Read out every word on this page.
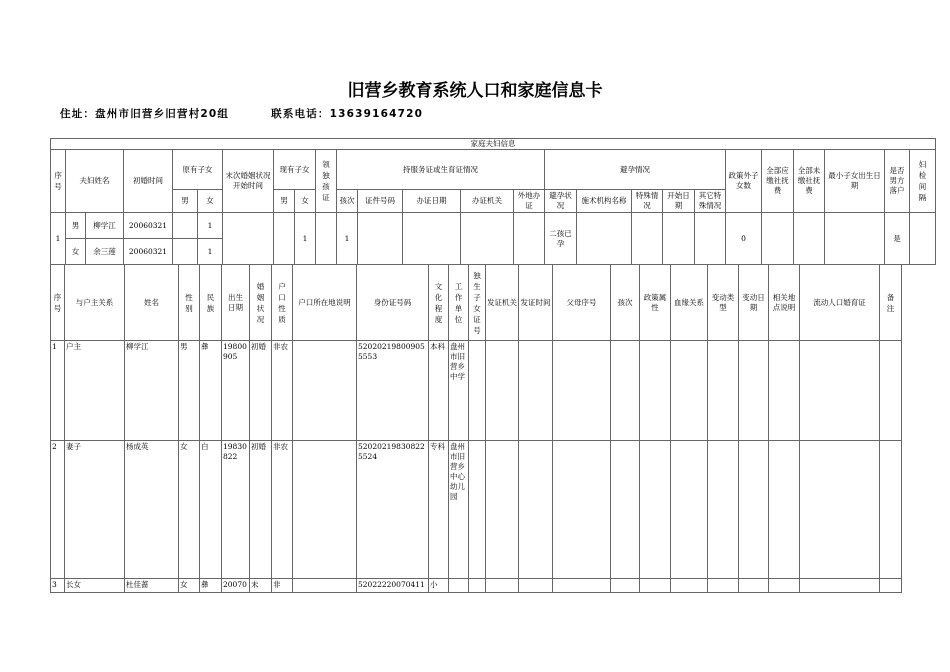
旧营乡教育系统人口和家庭信息卡
住址：盘州市旧营乡旧营村20组	联系电话：13639164720
家庭夫妇信息																									

序号	夫妇姓名		初婚时间	原有子女		末次婚姻状况开始时间	现有子女		领独孩证	持服务证或生育证情况					避孕情况					政策外子女数	全部应缴社抚费	全部未缴社抚费	最小子女出生日期	是否男方落户	妇检间隔

				男	女		男	女		孩次	证件号码	办证日期	办证机关	外地办证	避孕状况	施术机构名称	特殊情况	开始日期	其它特殊情况						
1	男	柳学江	20060321		1			1		1					二孩已孕					0				是	
	女	余三莲	20060321		1																				
序号	与户主关系	姓名	性别	民族	出生日期	婚姻状况	户口性质	户口所在地说明	身份证号码	文化程度	工作单位	独生子女证号	发证机关	发证时间	父母序号	孩次	政策属性	血缘关系	变动类型	变动日期	相关地点说明	流动人口婚育证	备注

1	户主	柳学江	男	彝	19800905	初婚	非农		520202198009055553	本科	盘州市旧营乡中学												
2	妻子	杨成英	女	白	19830822	初婚	非农		520202198308225524	专科	盘州市旧营乡中心幼儿园												
3	长女	杜佳蔷	女	彝	20070	未	非		52022220070411	小													
